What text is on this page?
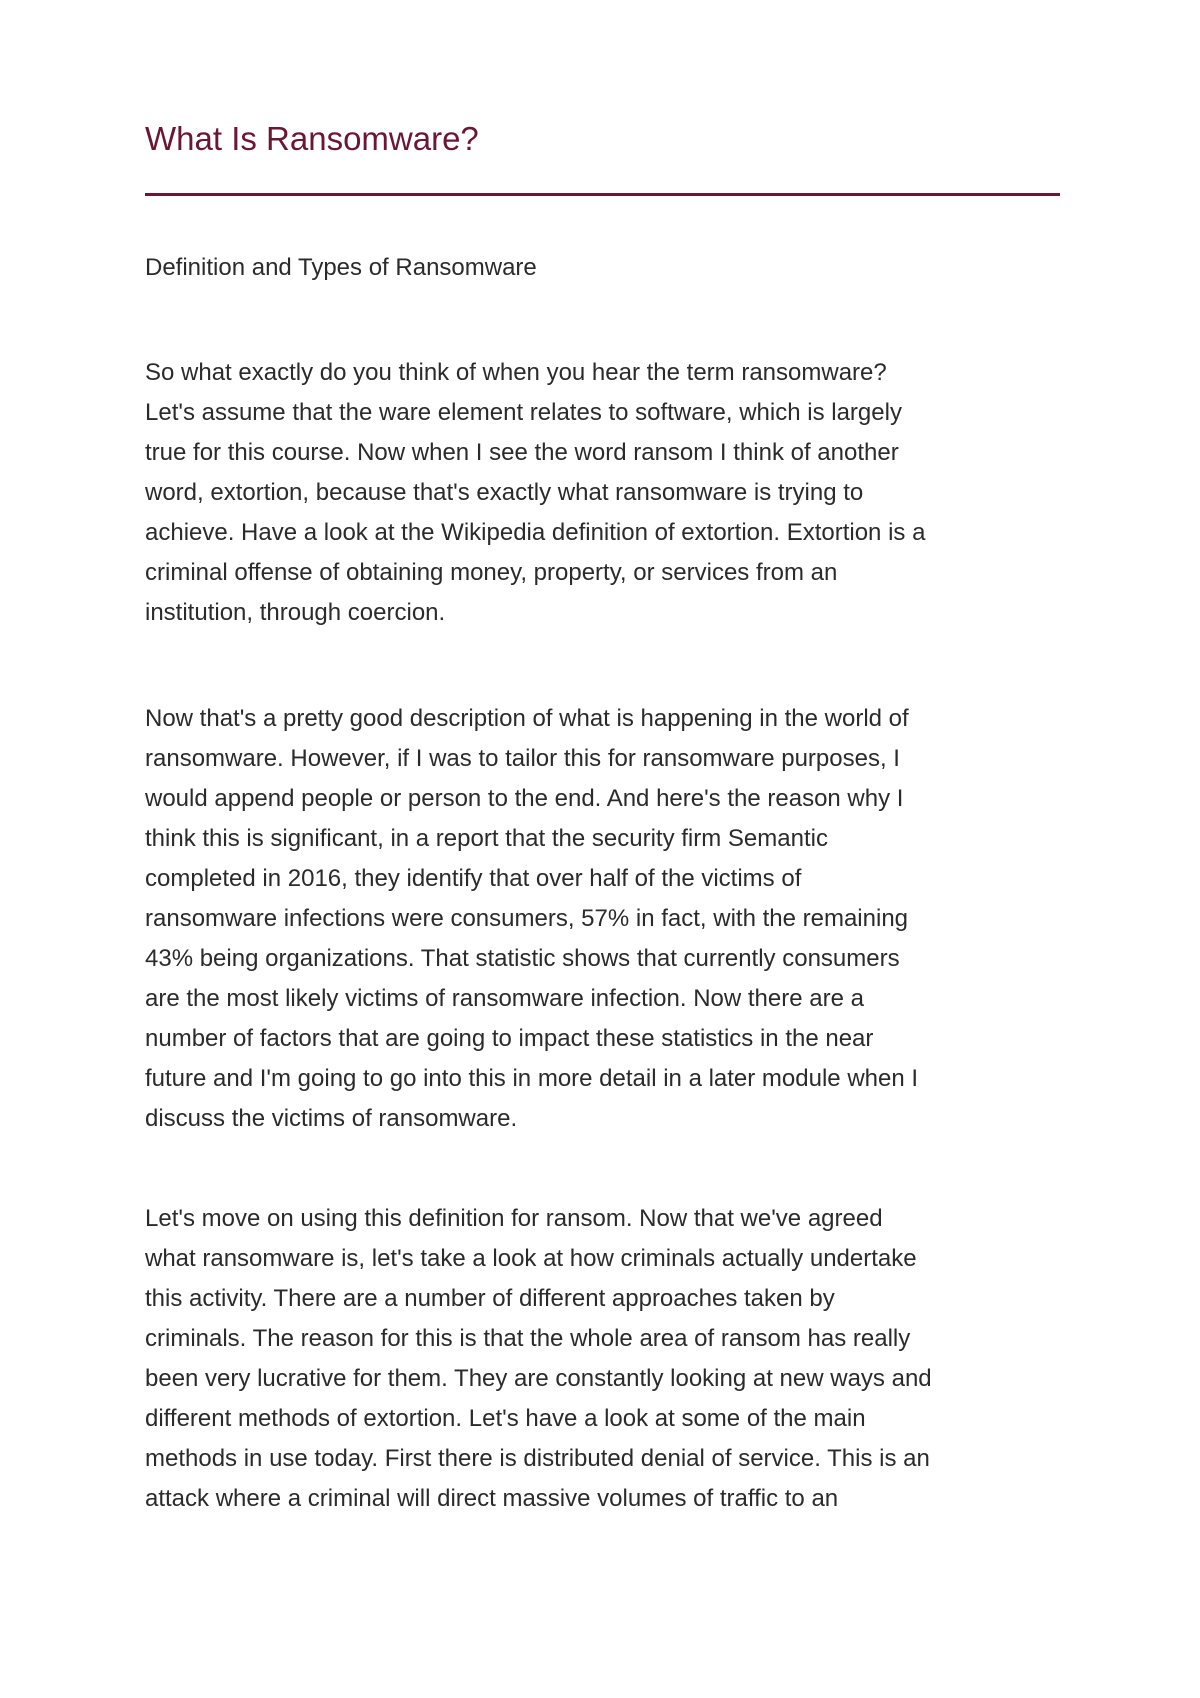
What Is Ransomware?
Definition and Types of Ransomware
So what exactly do you think of when you hear the term ransomware?
Let's assume that the ware element relates to software, which is largely
true for this course. Now when I see the word ransom I think of another
word, extortion, because that's exactly what ransomware is trying to
achieve. Have a look at the Wikipedia definition of extortion. Extortion is a
criminal offense of obtaining money, property, or services from an
institution, through coercion.
Now that's a pretty good description of what is happening in the world of
ransomware. However, if I was to tailor this for ransomware purposes, I
would append people or person to the end. And here's the reason why I
think this is significant, in a report that the security firm Semantic
completed in 2016, they identify that over half of the victims of
ransomware infections were consumers, 57% in fact, with the remaining
43% being organizations. That statistic shows that currently consumers
are the most likely victims of ransomware infection. Now there are a
number of factors that are going to impact these statistics in the near
future and I'm going to go into this in more detail in a later module when I
discuss the victims of ransomware.
Let's move on using this definition for ransom. Now that we've agreed
what ransomware is, let's take a look at how criminals actually undertake
this activity. There are a number of different approaches taken by
criminals. The reason for this is that the whole area of ransom has really
been very lucrative for them. They are constantly looking at new ways and
different methods of extortion. Let's have a look at some of the main
methods in use today. First there is distributed denial of service. This is an
attack where a criminal will direct massive volumes of traffic to an
